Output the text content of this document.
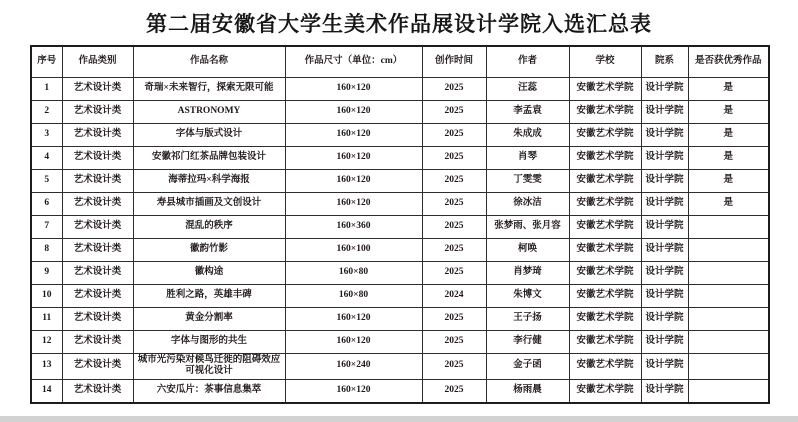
第二届安徽省大学生美术作品展设计学院入选汇总表
序号	作品类别	作品名称	作品尺寸（单位：cm）	创作时间	作者	学校	院系	是否获优秀作品
1	艺术设计类	奇瑞×未来智行，探索无限可能	160×120	2025	汪蕊	安徽艺术学院	设计学院	是
2	艺术设计类	ASTRONOMY	160×120	2025	李孟袁	安徽艺术学院	设计学院	是
3	艺术设计类	字体与版式设计	160×120	2025	朱成成	安徽艺术学院	设计学院	是
4	艺术设计类	安徽祁门红茶品牌包装设计	160×120	2025	肖琴	安徽艺术学院	设计学院	是
5	艺术设计类	海蒂拉玛×科学海报	160×120	2025	丁雯雯	安徽艺术学院	设计学院	是
6	艺术设计类	寿县城市插画及文创设计	160×120	2025	徐冰洁	安徽艺术学院	设计学院	是
7	艺术设计类	混乱的秩序	160×360	2025	张梦雨、张月容	安徽艺术学院	设计学院	
8	艺术设计类	徽韵竹影	160×100	2025	柯唤	安徽艺术学院	设计学院	
9	艺术设计类	徽构途	160×80	2025	肖梦琦	安徽艺术学院	设计学院	
10	艺术设计类	胜利之路，英雄丰碑	160×80	2024	朱博文	安徽艺术学院	设计学院	
11	艺术设计类	黄金分割率	160×120	2025	王子扬	安徽艺术学院	设计学院	
12	艺术设计类	字体与图形的共生	160×120	2025	李行健	安徽艺术学院	设计学院	
13	艺术设计类	城市光污染对候鸟迁徙的阻碍效应可视化设计	160×240	2025	金子函	安徽艺术学院	设计学院	
14	艺术设计类	六安瓜片：茶事信息集萃	160×120	2025	杨雨晨	安徽艺术学院	设计学院	
